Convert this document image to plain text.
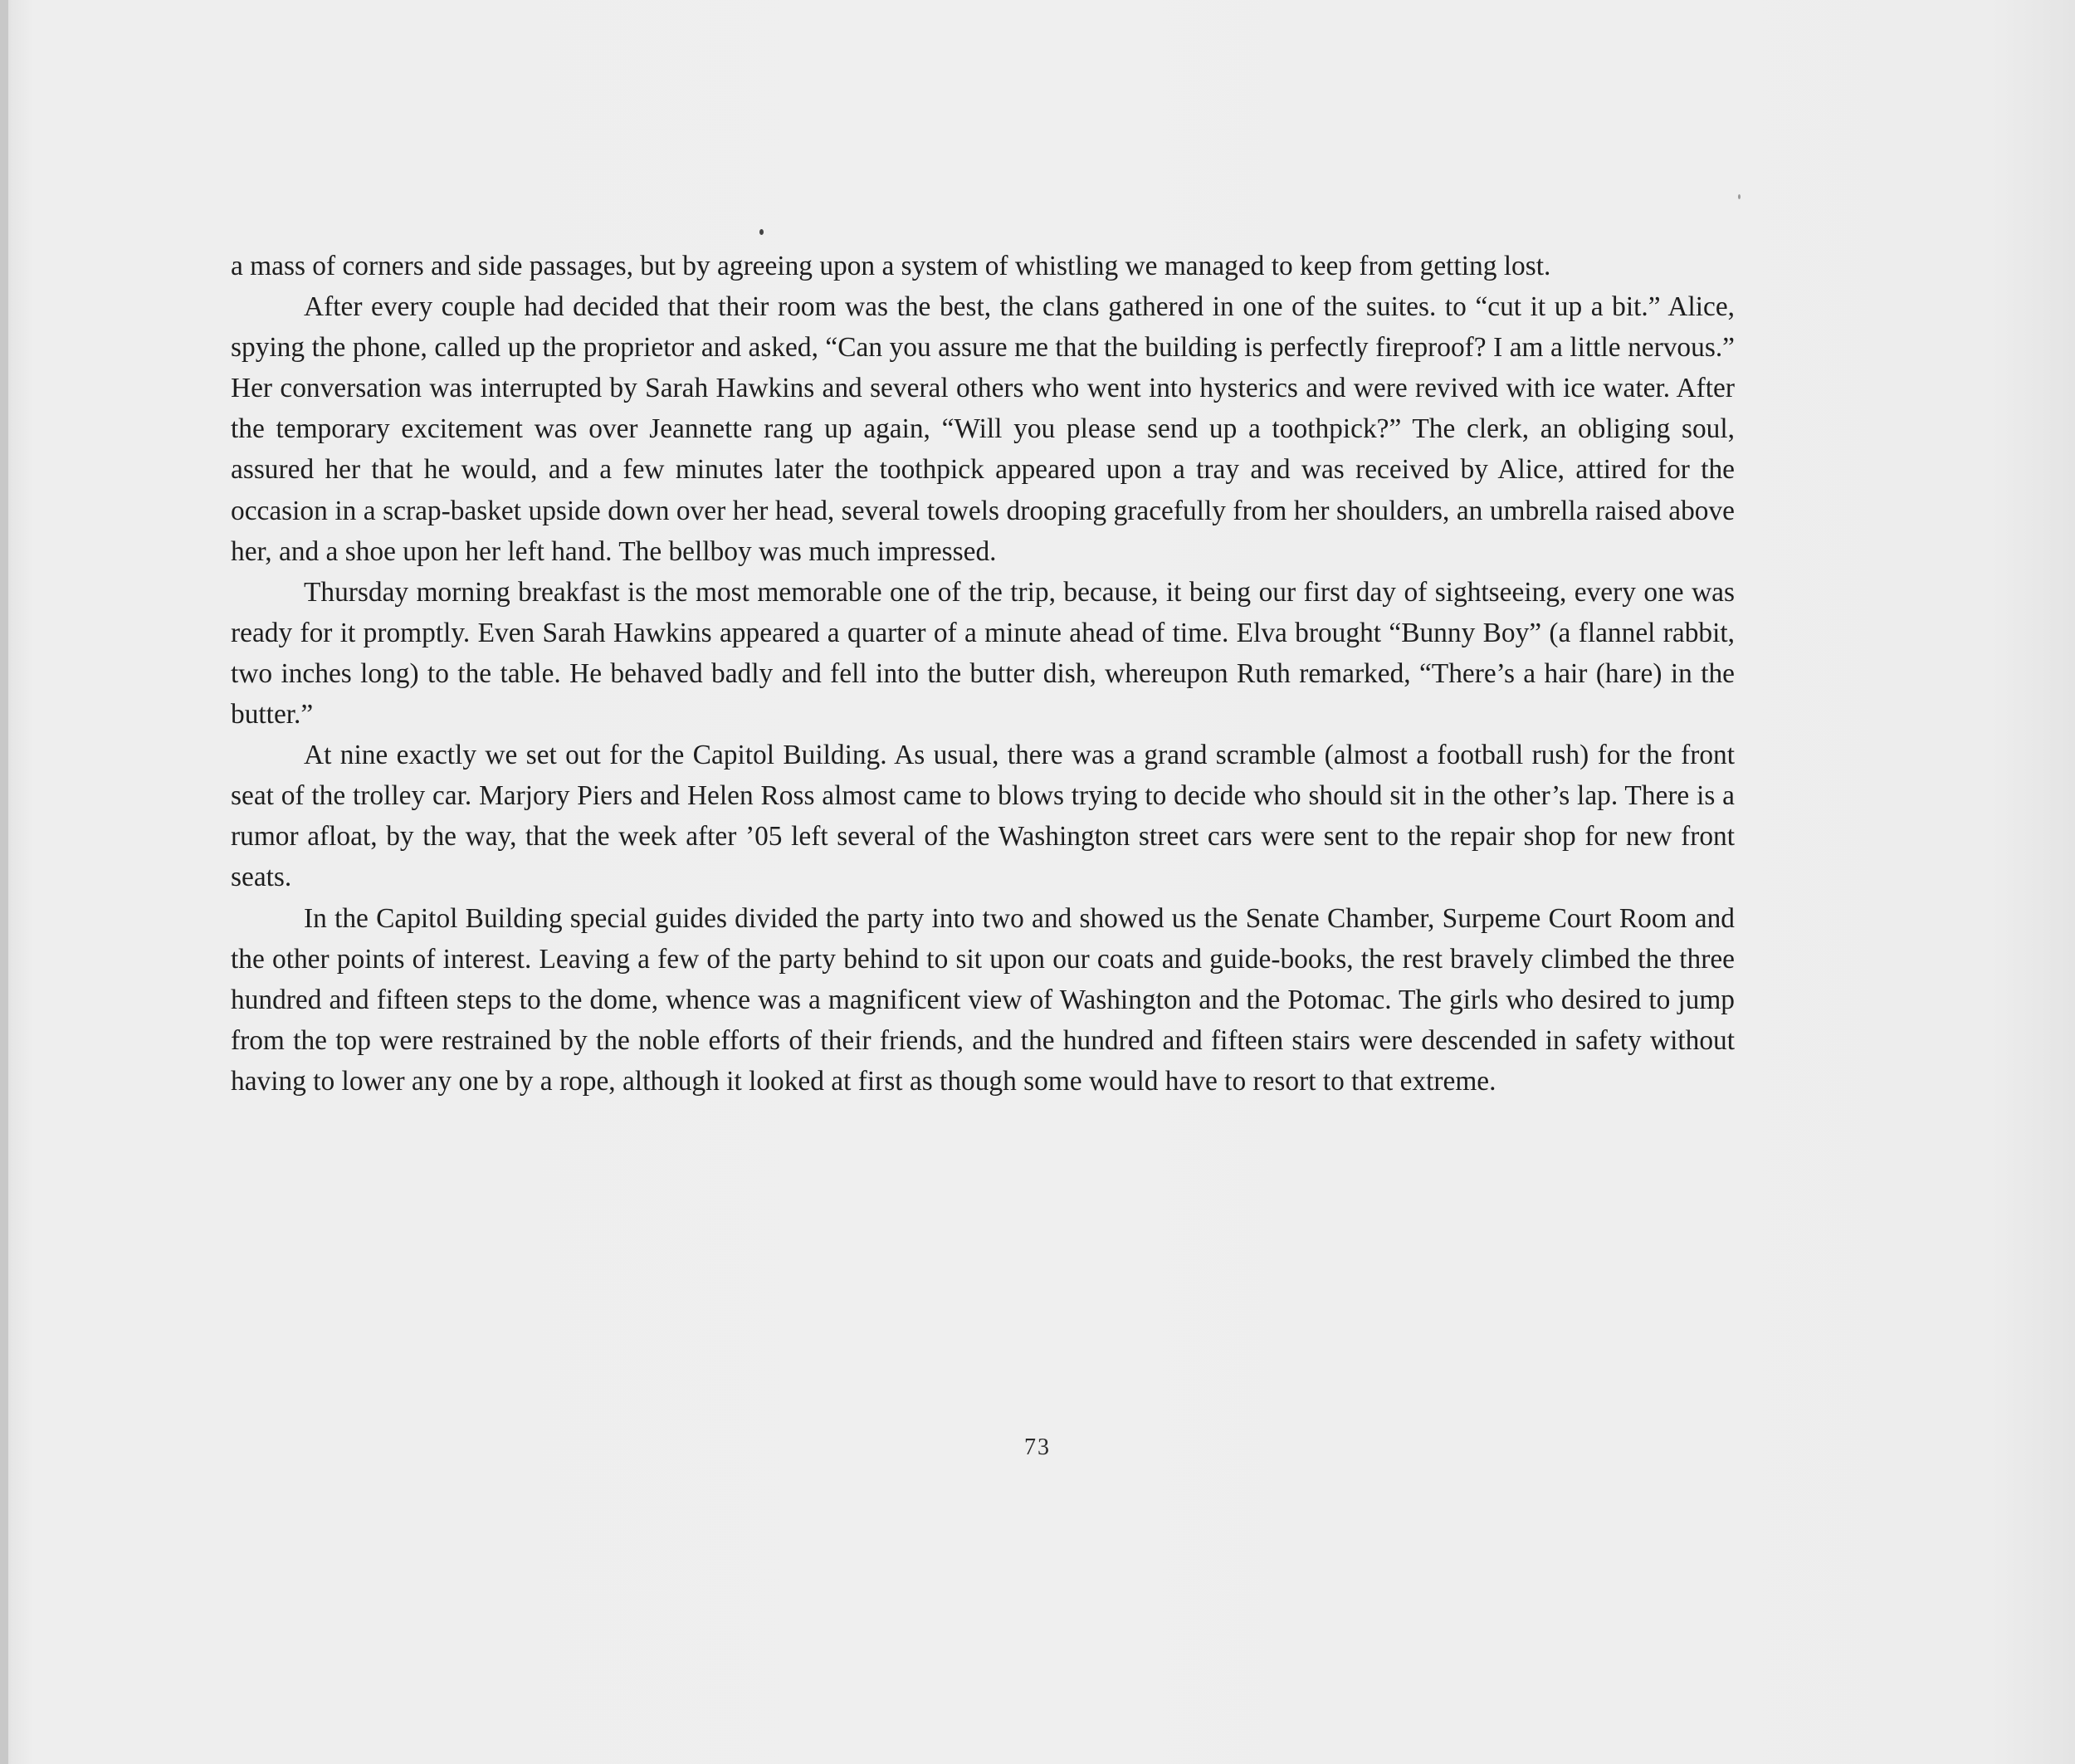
a mass of corners and side passages, but by agreeing upon a system of whistling we managed to keep from getting lost.

After every couple had decided that their room was the best, the clans gathered in one of the suites. to “cut it up a bit.” Alice, spying the phone, called up the proprietor and asked, “Can you assure me that the building is perfectly fireproof? I am a little nervous.” Her conversation was interrupted by Sarah Hawkins and several others who went into hysterics and were revived with ice water. After the temporary excitement was over Jeannette rang up again, “Will you please send up a toothpick?” The clerk, an obliging soul, assured her that he would, and a few minutes later the toothpick appeared upon a tray and was received by Alice, attired for the occasion in a scrap-basket upside down over her head, several towels drooping gracefully from her shoulders, an umbrella raised above her, and a shoe upon her left hand. The bellboy was much impressed.

Thursday morning breakfast is the most memorable one of the trip, because, it being our first day of sightseeing, every one was ready for it promptly. Even Sarah Hawkins appeared a quarter of a minute ahead of time. Elva brought “Bunny Boy” (a flannel rabbit, two inches long) to the table. He behaved badly and fell into the butter dish, whereupon Ruth remarked, “There’s a hair (hare) in the butter.”

At nine exactly we set out for the Capitol Building. As usual, there was a grand scramble (almost a football rush) for the front seat of the trolley car. Marjory Piers and Helen Ross almost came to blows trying to decide who should sit in the other’s lap. There is a rumor afloat, by the way, that the week after ’05 left several of the Washington street cars were sent to the repair shop for new front seats.

In the Capitol Building special guides divided the party into two and showed us the Senate Chamber, Surpeme Court Room and the other points of interest. Leaving a few of the party behind to sit upon our coats and guide-books, the rest bravely climbed the three hundred and fifteen steps to the dome, whence was a magnificent view of Washington and the Potomac. The girls who desired to jump from the top were restrained by the noble efforts of their friends, and the hundred and fifteen stairs were descended in safety without having to lower any one by a rope, although it looked at first as though some would have to resort to that extreme.

73
